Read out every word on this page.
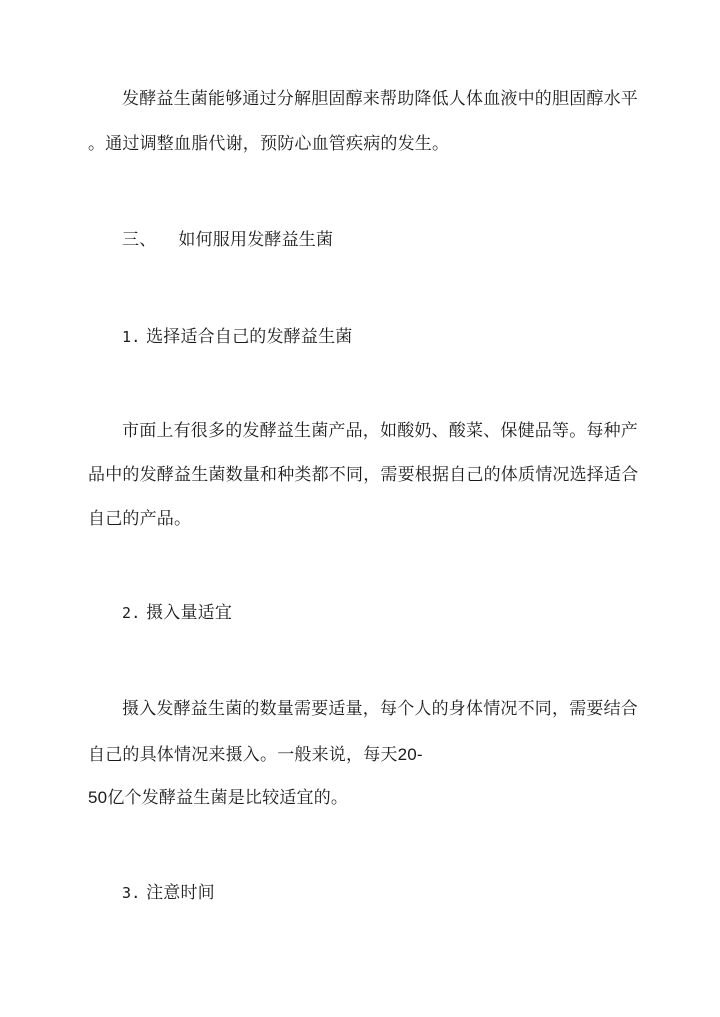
发酵益生菌能够通过分解胆固醇来帮助降低人体血液中的胆固醇水平
。通过调整血脂代谢，预防心血管疾病的发生。
三、 如何服用发酵益生菌
1. 选择适合自己的发酵益生菌
市面上有很多的发酵益生菌产品，如酸奶、酸菜、保健品等。每种产
品中的发酵益生菌数量和种类都不同，需要根据自己的体质情况选择适合
自己的产品。
2. 摄入量适宜
摄入发酵益生菌的数量需要适量，每个人的身体情况不同，需要结合
自己的具体情况来摄入。一般来说，每天20-
50亿个发酵益生菌是比较适宜的。
3. 注意时间
